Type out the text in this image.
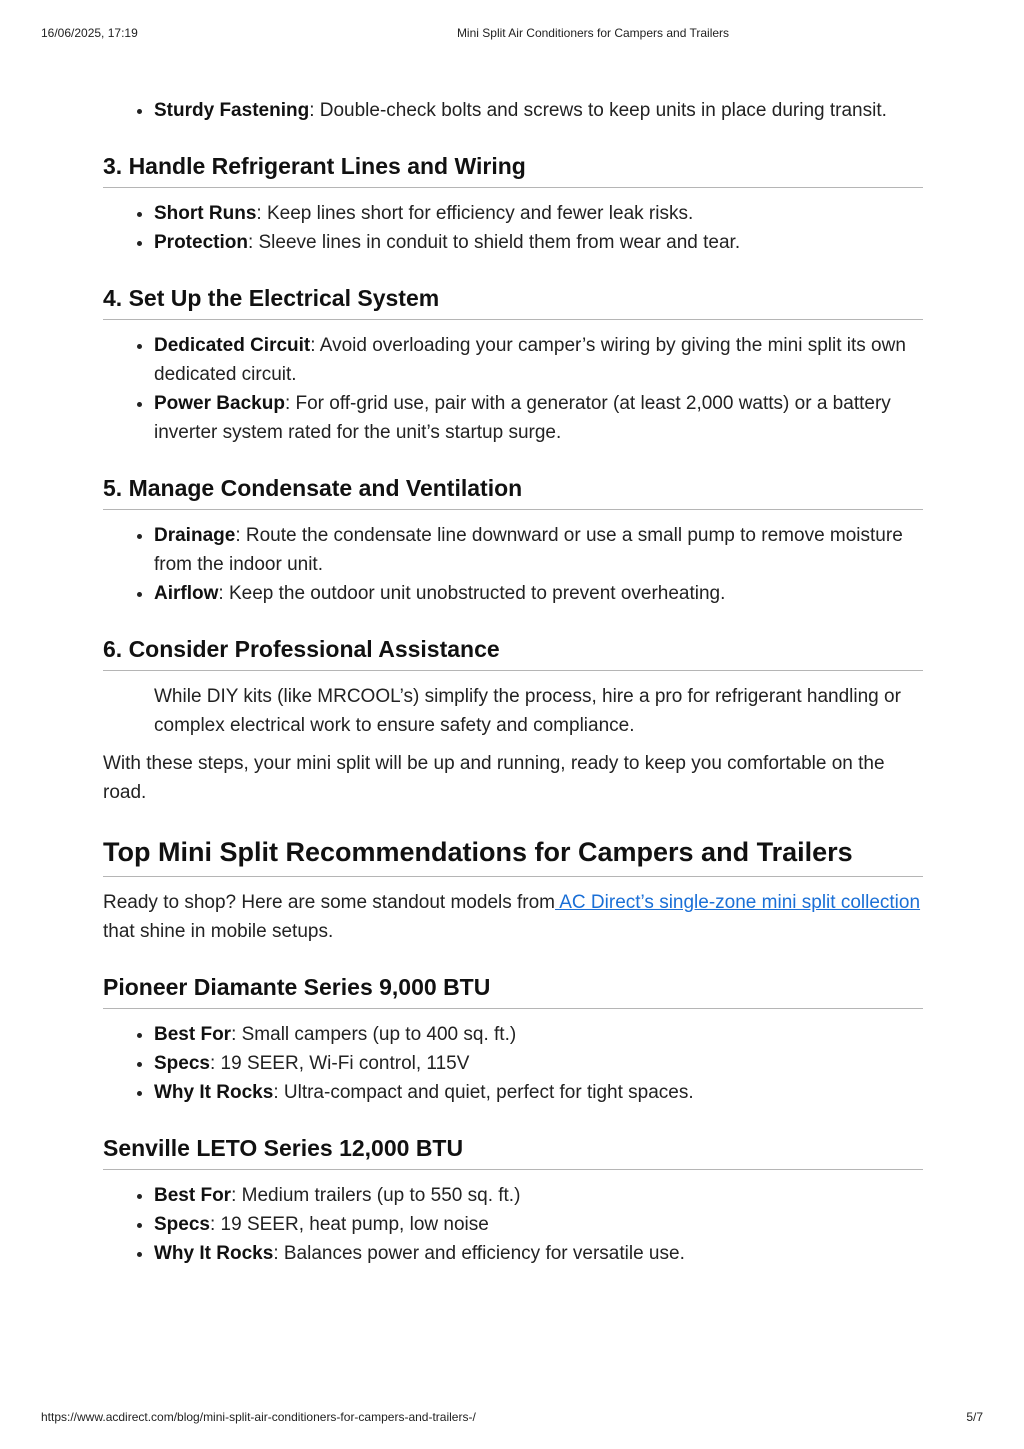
16/06/2025, 17:19	Mini Split Air Conditioners for Campers and Trailers
• Sturdy Fastening: Double-check bolts and screws to keep units in place during transit.
3. Handle Refrigerant Lines and Wiring
• Short Runs: Keep lines short for efficiency and fewer leak risks.
• Protection: Sleeve lines in conduit to shield them from wear and tear.
4. Set Up the Electrical System
• Dedicated Circuit: Avoid overloading your camper’s wiring by giving the mini split its own dedicated circuit.
• Power Backup: For off-grid use, pair with a generator (at least 2,000 watts) or a battery inverter system rated for the unit’s startup surge.
5. Manage Condensate and Ventilation
• Drainage: Route the condensate line downward or use a small pump to remove moisture from the indoor unit.
• Airflow: Keep the outdoor unit unobstructed to prevent overheating.
6. Consider Professional Assistance

While DIY kits (like MRCOOL’s) simplify the process, hire a pro for refrigerant handling or complex electrical work to ensure safety and compliance.

With these steps, your mini split will be up and running, ready to keep you comfortable on the road.

Top Mini Split Recommendations for Campers and Trailers

Ready to shop? Here are some standout models from AC Direct’s single-zone mini split collection that shine in mobile setups.

Pioneer Diamante Series 9,000 BTU
• Best For: Small campers (up to 400 sq. ft.)
• Specs: 19 SEER, Wi-Fi control, 115V
• Why It Rocks: Ultra-compact and quiet, perfect for tight spaces.
Senville LETO Series 12,000 BTU
• Best For: Medium trailers (up to 550 sq. ft.)
• Specs: 19 SEER, heat pump, low noise
• Why It Rocks: Balances power and efficiency for versatile use.
https://www.acdirect.com/blog/mini-split-air-conditioners-for-campers-and-trailers-/	5/7
